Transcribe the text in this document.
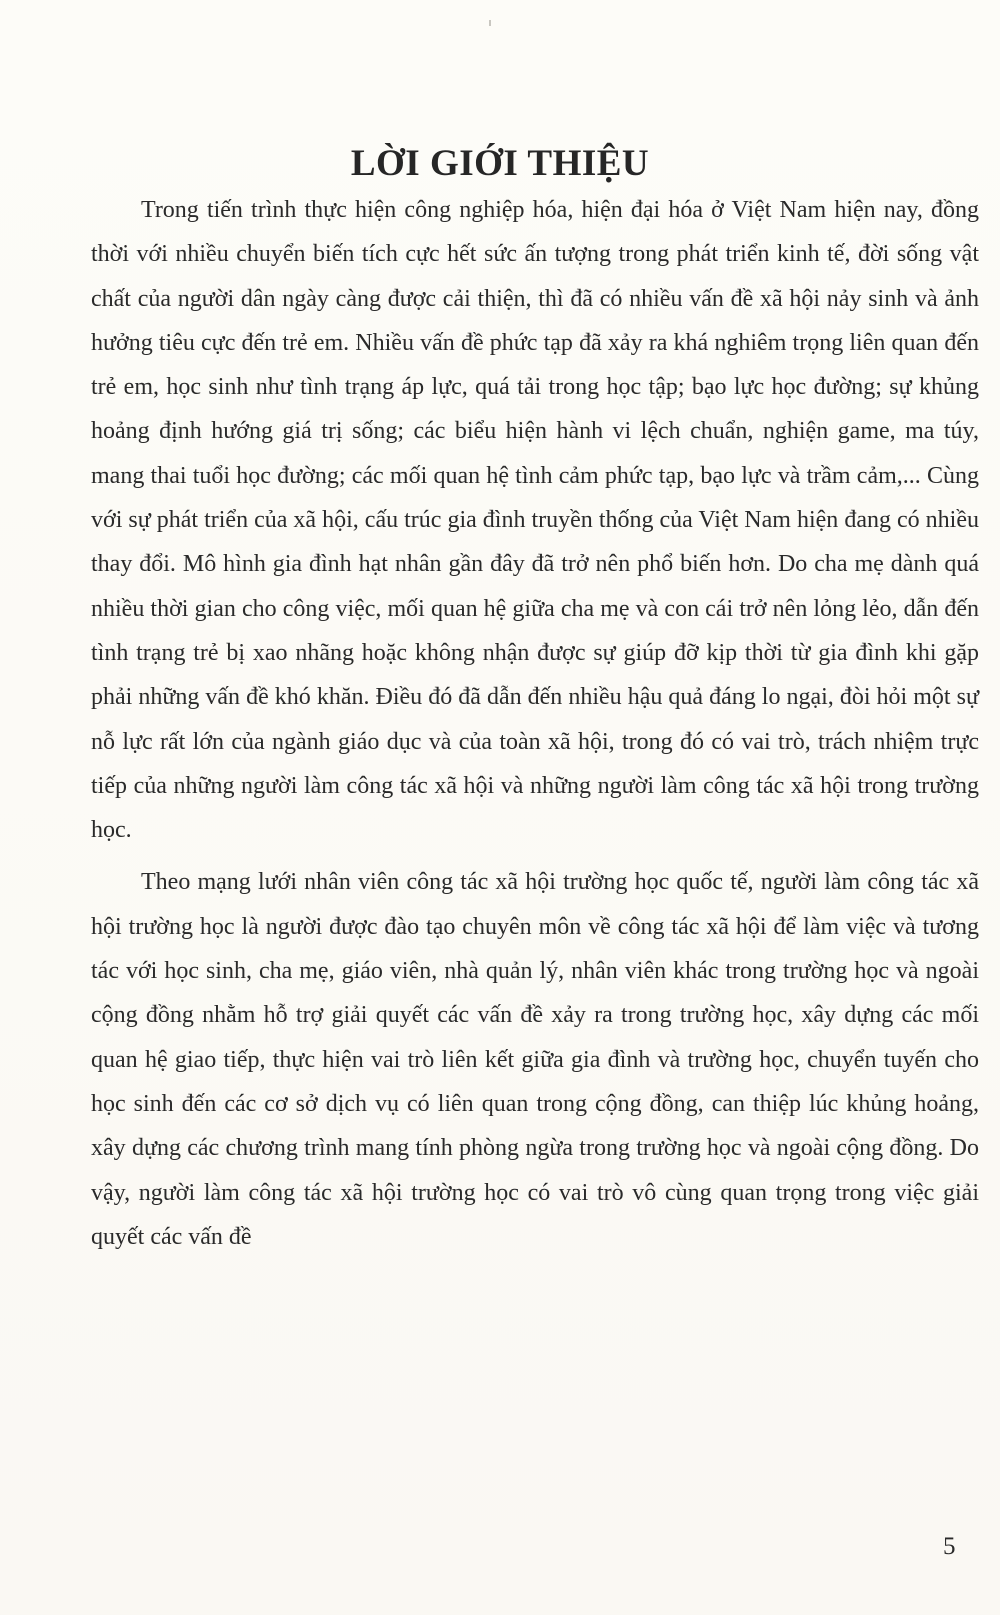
LỜI GIỚI THIỆU

Trong tiến trình thực hiện công nghiệp hóa, hiện đại hóa ở Việt Nam hiện nay, đồng thời với nhiều chuyển biến tích cực hết sức ấn tượng trong phát triển kinh tế, đời sống vật chất của người dân ngày càng được cải thiện, thì đã có nhiều vấn đề xã hội nảy sinh và ảnh hưởng tiêu cực đến trẻ em. Nhiều vấn đề phức tạp đã xảy ra khá nghiêm trọng liên quan đến trẻ em, học sinh như tình trạng áp lực, quá tải trong học tập; bạo lực học đường; sự khủng hoảng định hướng giá trị sống; các biểu hiện hành vi lệch chuẩn, nghiện game, ma túy, mang thai tuổi học đường; các mối quan hệ tình cảm phức tạp, bạo lực và trầm cảm,... Cùng với sự phát triển của xã hội, cấu trúc gia đình truyền thống của Việt Nam hiện đang có nhiều thay đổi. Mô hình gia đình hạt nhân gần đây đã trở nên phổ biến hơn. Do cha mẹ dành quá nhiều thời gian cho công việc, mối quan hệ giữa cha mẹ và con cái trở nên lỏng lẻo, dẫn đến tình trạng trẻ bị xao nhãng hoặc không nhận được sự giúp đỡ kịp thời từ gia đình khi gặp phải những vấn đề khó khăn. Điều đó đã dẫn đến nhiều hậu quả đáng lo ngại, đòi hỏi một sự nỗ lực rất lớn của ngành giáo dục và của toàn xã hội, trong đó có vai trò, trách nhiệm trực tiếp của những người làm công tác xã hội và những người làm công tác xã hội trong trường học.

Theo mạng lưới nhân viên công tác xã hội trường học quốc tế, người làm công tác xã hội trường học là người được đào tạo chuyên môn về công tác xã hội để làm việc và tương tác với học sinh, cha mẹ, giáo viên, nhà quản lý, nhân viên khác trong trường học và ngoài cộng đồng nhằm hỗ trợ giải quyết các vấn đề xảy ra trong trường học, xây dựng các mối quan hệ giao tiếp, thực hiện vai trò liên kết giữa gia đình và trường học, chuyển tuyến cho học sinh đến các cơ sở dịch vụ có liên quan trong cộng đồng, can thiệp lúc khủng hoảng, xây dựng các chương trình mang tính phòng ngừa trong trường học và ngoài cộng đồng. Do vậy, người làm công tác xã hội trường học có vai trò vô cùng quan trọng trong việc giải quyết các vấn đề

5
